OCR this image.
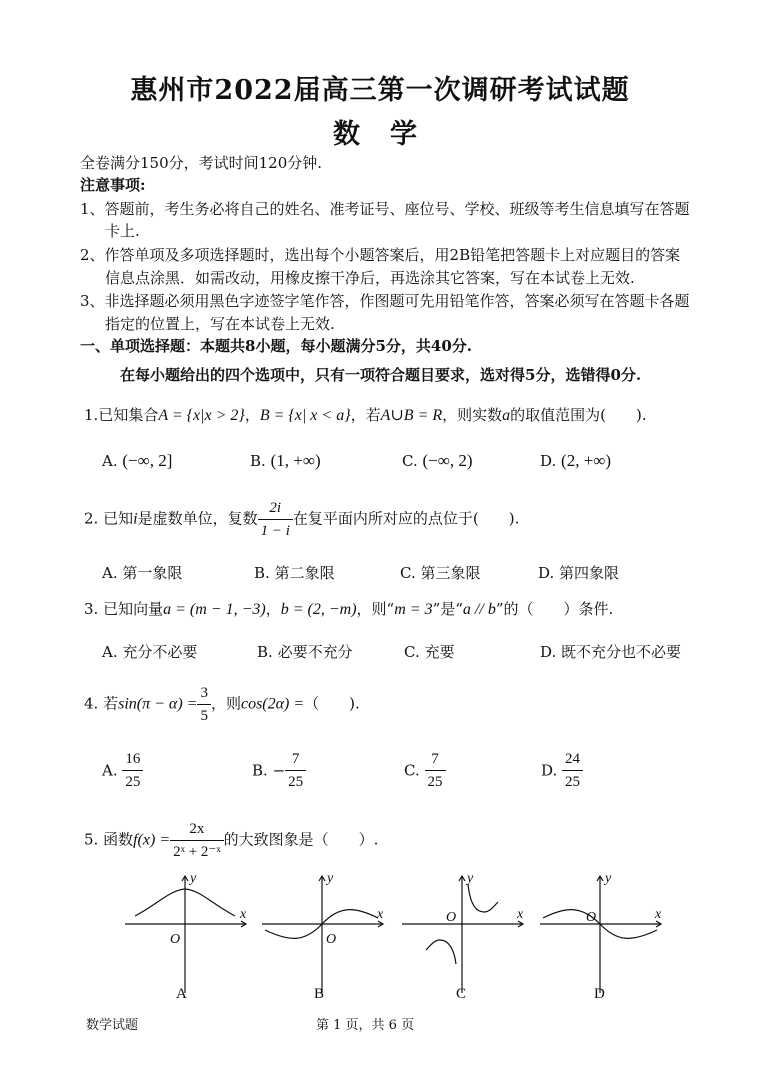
惠州市2022届高三第一次调研考试试题
数学
全卷满分150分，考试时间120分钟.
注意事项:
1、答题前，考生务必将自己的姓名、准考证号、座位号、学校、班级等考生信息填写在答题
卡上.
2、作答单项及多项选择题时，选出每个小题答案后，用2B铅笔把答题卡上对应题目的答案
信息点涂黑．如需改动，用橡皮擦干净后，再选涂其它答案，写在本试卷上无效.
3、非选择题必须用黑色字迹签字笔作答，作图题可先用铅笔作答，答案必须写在答题卡各题
指定的位置上，写在本试卷上无效.
一、单项选择题：本题共8小题，每小题满分5分，共40分.
在每小题给出的四个选项中，只有一项符合题目要求，选对得5分，选错得0分.
1.已知集合A = {x|x > 2}，B = {x| x < a}，若A∪B = R，则实数a的取值范围为(　　).
A. (−∞, 2]	B. (1, +∞)	C. (−∞, 2)	D. (2, +∞)
2. 已知i是虚数单位，复数 $\frac{2i}{1 - i}$ 在复平面内所对应的点位于(　　).
A. 第一象限	B. 第二象限	C. 第三象限	D. 第四象限
3. 已知向量a = (m − 1, −3)，b = (2, −m)，则“m = 3”是“a // b”的（　　）条件.
A. 充分不必要	B. 必要不充分	C. 充要	D. 既不充分也不必要
4. 若$\sin(\pi - \alpha) = \frac{3}{5}$ ，则cos(2α) =（　　).
A. $\frac{16}{25}$	B. − $\frac{7}{25}$	C. $\frac{7}{25}$	D. $\frac{24}{25}$
5. 函数$f(x) = \frac{2x}{\text{2ˣ + 2⁻ˣ}}$ 的大致图象是（　　）.
x
y
O
x
y
O
x
y
O	x
y
O
A	B	C	D
数学试题	第 1 页，共 6 页
